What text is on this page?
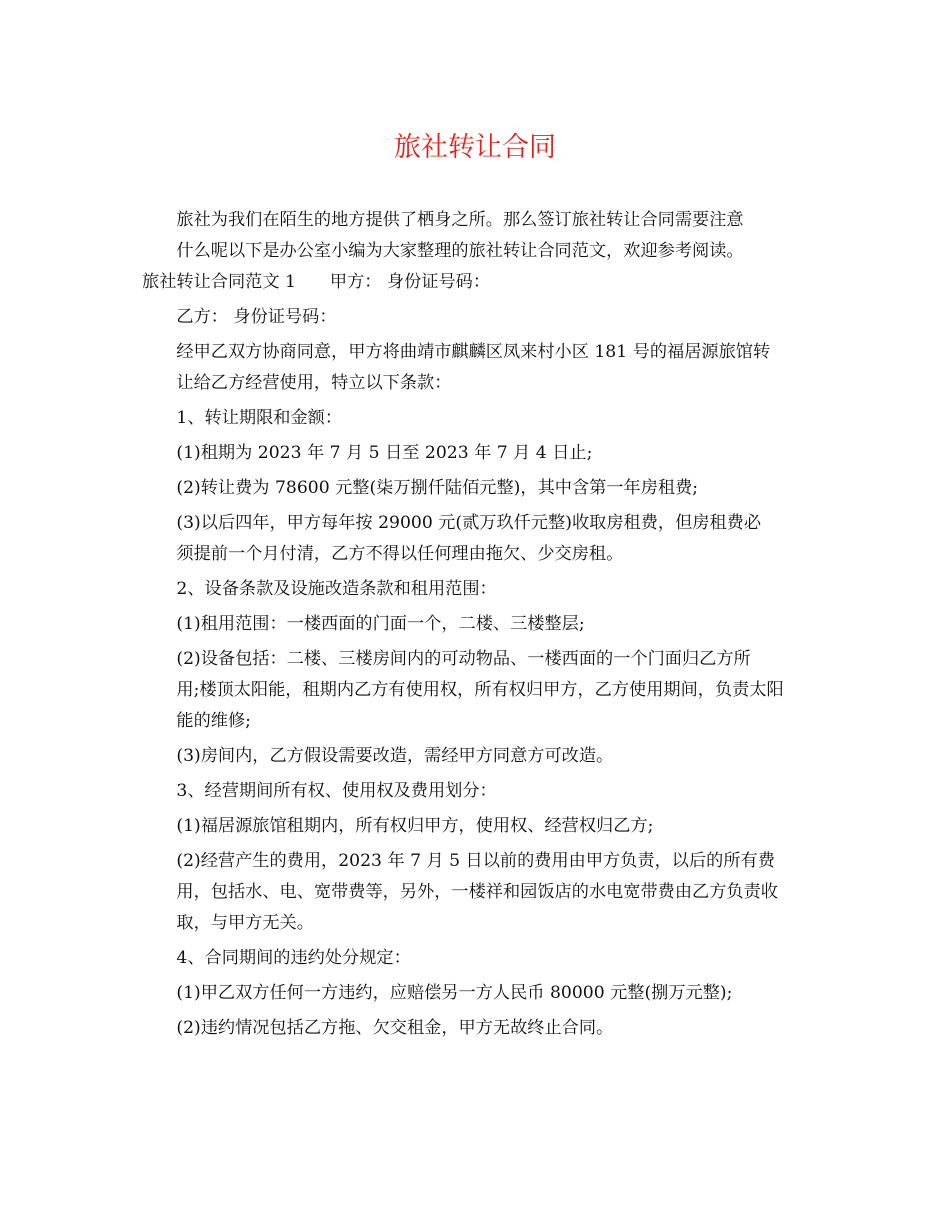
旅社转让合同
旅社为我们在陌生的地方提供了栖身之所。那么签订旅社转让合同需要注意
什么呢以下是办公室小编为大家整理的旅社转让合同范文，欢迎参考阅读。
旅社转让合同范文 1 甲方： 身份证号码：
乙方： 身份证号码：
经甲乙双方协商同意，甲方将曲靖市麒麟区凤来村小区 181 号的福居源旅馆转
让给乙方经营使用，特立以下条款：
1、转让期限和金额：
(1)租期为 2023 年 7 月 5 日至 2023 年 7 月 4 日止;
(2)转让费为 78600 元整(柒万捌仟陆佰元整)，其中含第一年房租费;
(3)以后四年，甲方每年按 29000 元(贰万玖仟元整)收取房租费，但房租费必
须提前一个月付清，乙方不得以任何理由拖欠、少交房租。
2、设备条款及设施改造条款和租用范围：
(1)租用范围：一楼西面的门面一个，二楼、三楼整层;
(2)设备包括：二楼、三楼房间内的可动物品、一楼西面的一个门面归乙方所
用;楼顶太阳能，租期内乙方有使用权，所有权归甲方，乙方使用期间，负责太阳
能的维修;
(3)房间内，乙方假设需要改造，需经甲方同意方可改造。
3、经营期间所有权、使用权及费用划分：
(1)福居源旅馆租期内，所有权归甲方，使用权、经营权归乙方;
(2)经营产生的费用，2023 年 7 月 5 日以前的费用由甲方负责，以后的所有费
用，包括水、电、宽带费等，另外，一楼祥和园饭店的水电宽带费由乙方负责收
取，与甲方无关。
4、合同期间的违约处分规定：
(1)甲乙双方任何一方违约，应赔偿另一方人民币 80000 元整(捌万元整);
(2)违约情况包括乙方拖、欠交租金，甲方无故终止合同。
